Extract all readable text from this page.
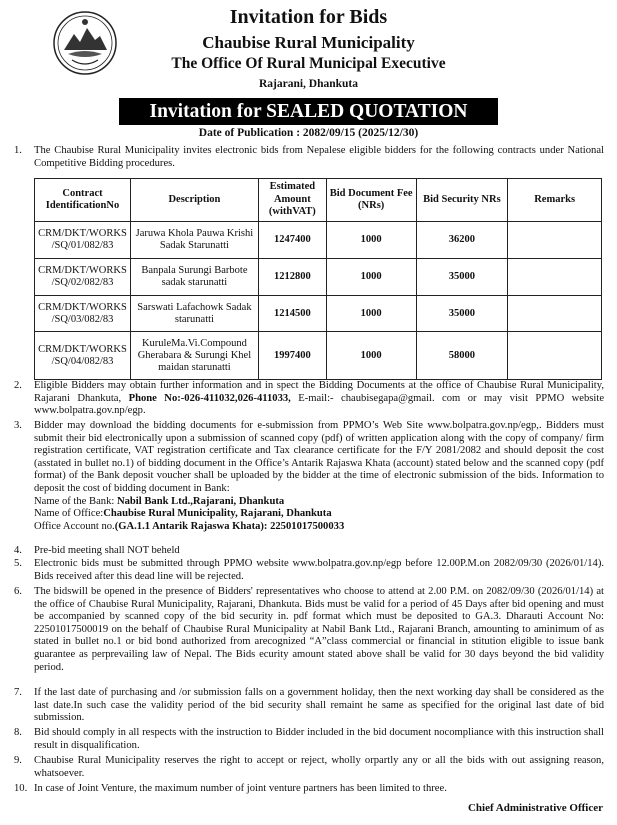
Invitation for Bids
Chaubise Rural Municipality
The Office Of Rural Municipal Executive
Rajarani, Dhankuta
Invitation for SEALED QUOTATION
Date of Publication : 2082/09/15 (2025/12/30)
1. The Chaubise Rural Municipality invites electronic bids from Nepalese eligible bidders for the following contracts under National Competitive Bidding procedures.
Contract IdentificationNo	Description	Estimated Amount (withVAT)	Bid Document Fee (NRs)	Bid Security NRs	Remarks
CRM/DKT/WORKS /SQ/01/082/83	Jaruwa Khola Pauwa Krishi Sadak Starunatti	1247400	1000	36200	
CRM/DKT/WORKS /SQ/02/082/83	Banpala Surungi Barbote sadak starunatti	1212800	1000	35000	
CRM/DKT/WORKS /SQ/03/082/83	Sarswati Lafachowk Sadak starunatti	1214500	1000	35000	
CRM/DKT/WORKS /SQ/04/082/83	KuruleMa.Vi.Compound Gherabara & Surungi Khel maidan starunatti	1997400	1000	58000	
2. Eligible Bidders may obtain further information and in spect the Bidding Documents at the office of Chaubise Rural Municipality, Rajarani Dhankuta, Phone No:-026-411032,026-411033, E-mail:- chaubisegapa@gmail. com or may visit PPMO website www.bolpatra.gov.np/egp.
3. Bidder may download the bidding documents for e-submission from PPMO’s Web Site www.bolpatra.gov.np/egp,. Bidders must submit their bid electronically upon a submission of scanned copy (pdf) of written application along with the copy of company/ firm registration certificate, VAT registration certificate and Tax clearance certificate for the F/Y 2081/2082 and should deposit the cost (asstated in bullet no.1) of bidding document in the Office’s Antarik Rajaswa Khata (account) stated below and the scanned copy (pdf format) of the Bank deposit voucher shall be uploaded by the bidder at the time of electronic submission of the bids. Information to deposit the cost of bidding document in Bank:
Name of the Bank: Nabil Bank Ltd.,Rajarani, Dhankuta
Name of Office:Chaubise Rural Municipality, Rajarani, Dhankuta
Office Account no.(GA.1.1 Antarik Rajaswa Khata): 22501017500033
4. Pre-bid meeting shall NOT beheld
5. Electronic bids must be submitted through PPMO website www.bolpatra.gov.np/egp before 12.00P.M.on 2082/09/30 (2026/01/14). Bids received after this dead line will be rejected.
6. The bidswill be opened in the presence of Bidders' representatives who choose to attend at 2.00 P.M. on 2082/09/30 (2026/01/14) at the office of Chaubise Rural Municipality, Rajarani, Dhankuta. Bids must be valid for a period of 45 Days after bid opening and must be accompanied by scanned copy of the bid security in. pdf format which must be deposited to GA.3. Dharauti Account No: 22501017500019 on the behalf of Chaubise Rural Municipality at Nabil Bank Ltd., Rajarani Branch, amounting to aminimum of as stated in bullet no.1 or bid bond authorized from arecognized “A”class commercial or financial in stitution eligible to issue bank guarantee as perprevailing law of Nepal. The Bids ecurity amount stated above shall be valid for 30 days beyond the bid validity period.
7. If the last date of purchasing and /or submission falls on a government holiday, then the next working day shall be considered as the last date.In such case the validity period of the bid security shall remaint he same as specified for the original last date of bid submission.
8. Bid should comply in all respects with the instruction to Bidder included in the bid document nocompliance with this instruction shall result in disqualification.
9. Chaubise Rural Municipality reserves the right to accept or reject, wholly orpartly any or all the bids with out assigning reason, whatsoever.
10. In case of Joint Venture, the maximum number of joint venture partners has been limited to three.
Chief Administrative Officer
